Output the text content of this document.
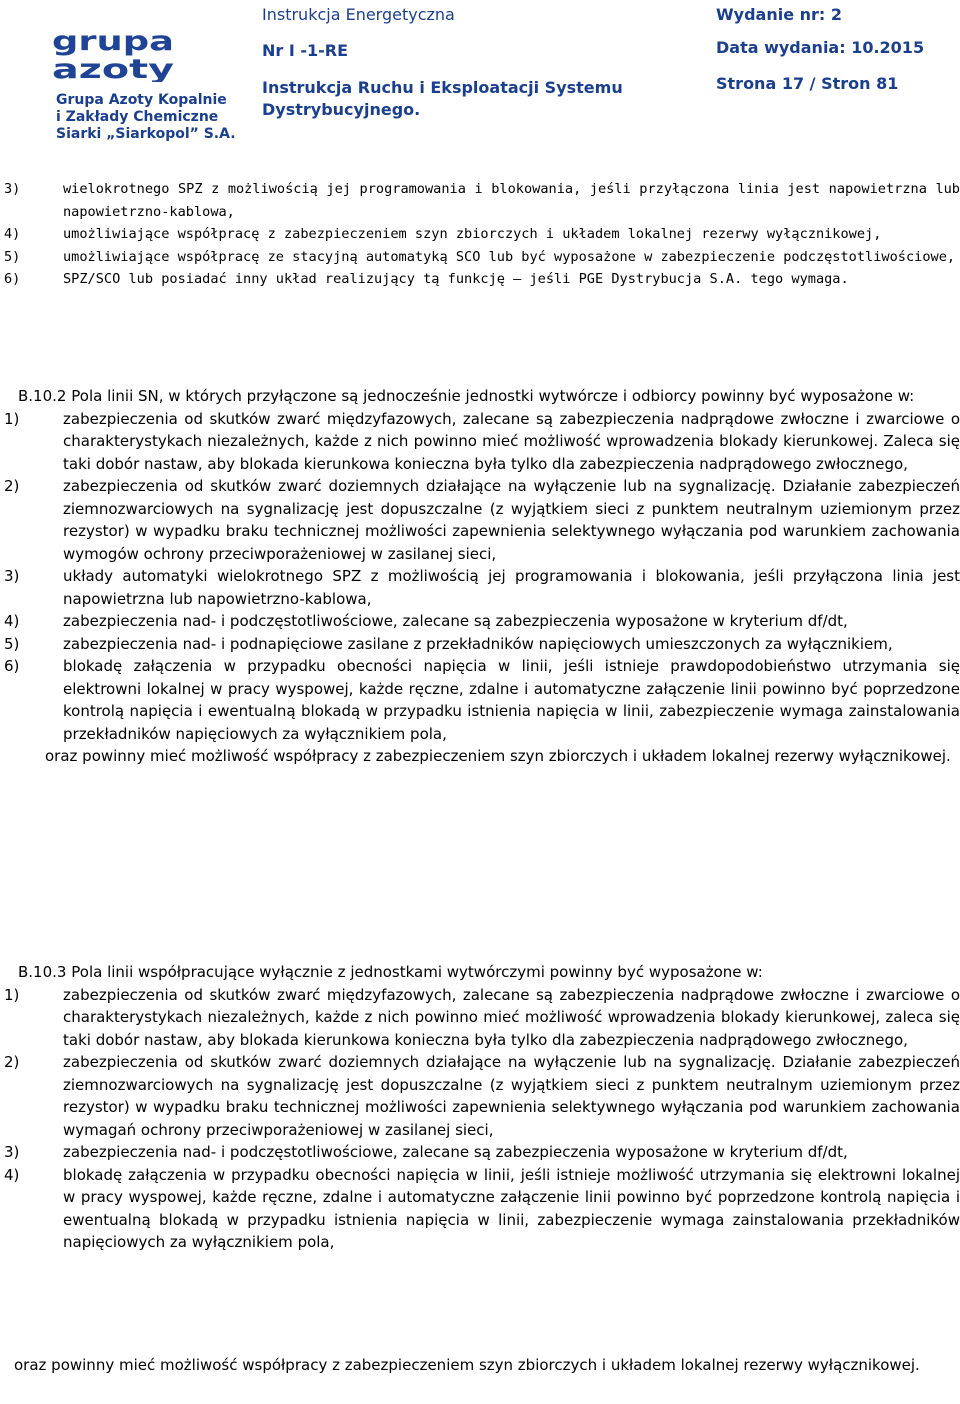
grupa
azoty
Grupa Azoty Kopalnie
i Zakłady Chemiczne
Siarki „Siarkopol” S.A.
Instrukcja Energetyczna
Nr I -1-RE
Instrukcja Ruchu i Eksploatacji Systemu
Dystrybucyjnego.
Wydanie nr: 2
Data wydania: 10.2015
Strona 17 / Stron 81
3)	wielokrotnego SPZ z możliwością jej programowania i blokowania, jeśli przyłączona linia jest napowietrzna lub napowietrzno-kablowa,
4)	umożliwiające współpracę z zabezpieczeniem szyn zbiorczych i układem lokalnej rezerwy wyłącznikowej,
5)	umożliwiające współpracę ze stacyjną automatyką SCO lub być wyposażone w zabezpieczenie podczęstotliwościowe,
6)	SPZ/SCO lub posiadać inny układ realizujący tą funkcję – jeśli PGE Dystrybucja S.A. tego wymaga.
B.10.2 Pola linii SN, w których przyłączone są jednocześnie jednostki wytwórcze i odbiorcy powinny być wyposażone w:
1)	zabezpieczenia od skutków zwarć międzyfazowych, zalecane są zabezpieczenia nadprądowe zwłoczne i zwarciowe o charakterystykach niezależnych, każde z nich powinno mieć możliwość wprowadzenia blokady kierunkowej. Zaleca się taki dobór nastaw, aby blokada kierunkowa konieczna była tylko dla zabezpieczenia nadprądowego zwłocznego,
2)	zabezpieczenia od skutków zwarć doziemnych działające na wyłączenie lub na sygnalizację. Działanie zabezpieczeń ziemnozwarciowych na sygnalizację jest dopuszczalne (z wyjątkiem sieci z punktem neutralnym uziemionym przez rezystor) w wypadku braku technicznej możliwości zapewnienia selektywnego wyłączania pod warunkiem zachowania wymogów ochrony przeciwporażeniowej w zasilanej sieci,
3)	układy automatyki wielokrotnego SPZ z możliwością jej programowania i blokowania, jeśli przyłączona linia jest napowietrzna lub napowietrzno-kablowa,
4)	zabezpieczenia nad- i podczęstotliwościowe, zalecane są zabezpieczenia wyposażone w kryterium df/dt,
5)	zabezpieczenia nad- i podnapięciowe zasilane z przekładników napięciowych umieszczonych za wyłącznikiem,
6)	blokadę załączenia w przypadku obecności napięcia w linii, jeśli istnieje prawdopodobieństwo utrzymania się elektrowni lokalnej w pracy wyspowej, każde ręczne, zdalne i automatyczne załączenie linii powinno być poprzedzone kontrolą napięcia i ewentualną blokadą w przypadku istnienia napięcia w linii, zabezpieczenie wymaga zainstalowania przekładników napięciowych za wyłącznikiem pola,
oraz powinny mieć możliwość współpracy z zabezpieczeniem szyn zbiorczych i układem lokalnej rezerwy wyłącznikowej.
B.10.3 Pola linii współpracujące wyłącznie z jednostkami wytwórczymi powinny być wyposażone w:
1)	zabezpieczenia od skutków zwarć międzyfazowych, zalecane są zabezpieczenia nadprądowe zwłoczne i zwarciowe o charakterystykach niezależnych, każde z nich powinno mieć możliwość wprowadzenia blokady kierunkowej, zaleca się taki dobór nastaw, aby blokada kierunkowa konieczna była tylko dla zabezpieczenia nadprądowego zwłocznego,
2)	zabezpieczenia od skutków zwarć doziemnych działające na wyłączenie lub na sygnalizację. Działanie zabezpieczeń ziemnozwarciowych na sygnalizację jest dopuszczalne (z wyjątkiem sieci z punktem neutralnym uziemionym przez rezystor) w wypadku braku technicznej możliwości zapewnienia selektywnego wyłączania pod warunkiem zachowania wymagań ochrony przeciwporażeniowej w zasilanej sieci,
3)	zabezpieczenia nad- i podczęstotliwościowe, zalecane są zabezpieczenia wyposażone w kryterium df/dt,
4)	blokadę załączenia w przypadku obecności napięcia w linii, jeśli istnieje możliwość utrzymania się elektrowni lokalnej w pracy wyspowej, każde ręczne, zdalne i automatyczne załączenie linii powinno być poprzedzone kontrolą napięcia i ewentualną blokadą w przypadku istnienia napięcia w linii, zabezpieczenie wymaga zainstalowania przekładników napięciowych za wyłącznikiem pola,
oraz powinny mieć możliwość współpracy z zabezpieczeniem szyn zbiorczych i układem lokalnej rezerwy wyłącznikowej.
